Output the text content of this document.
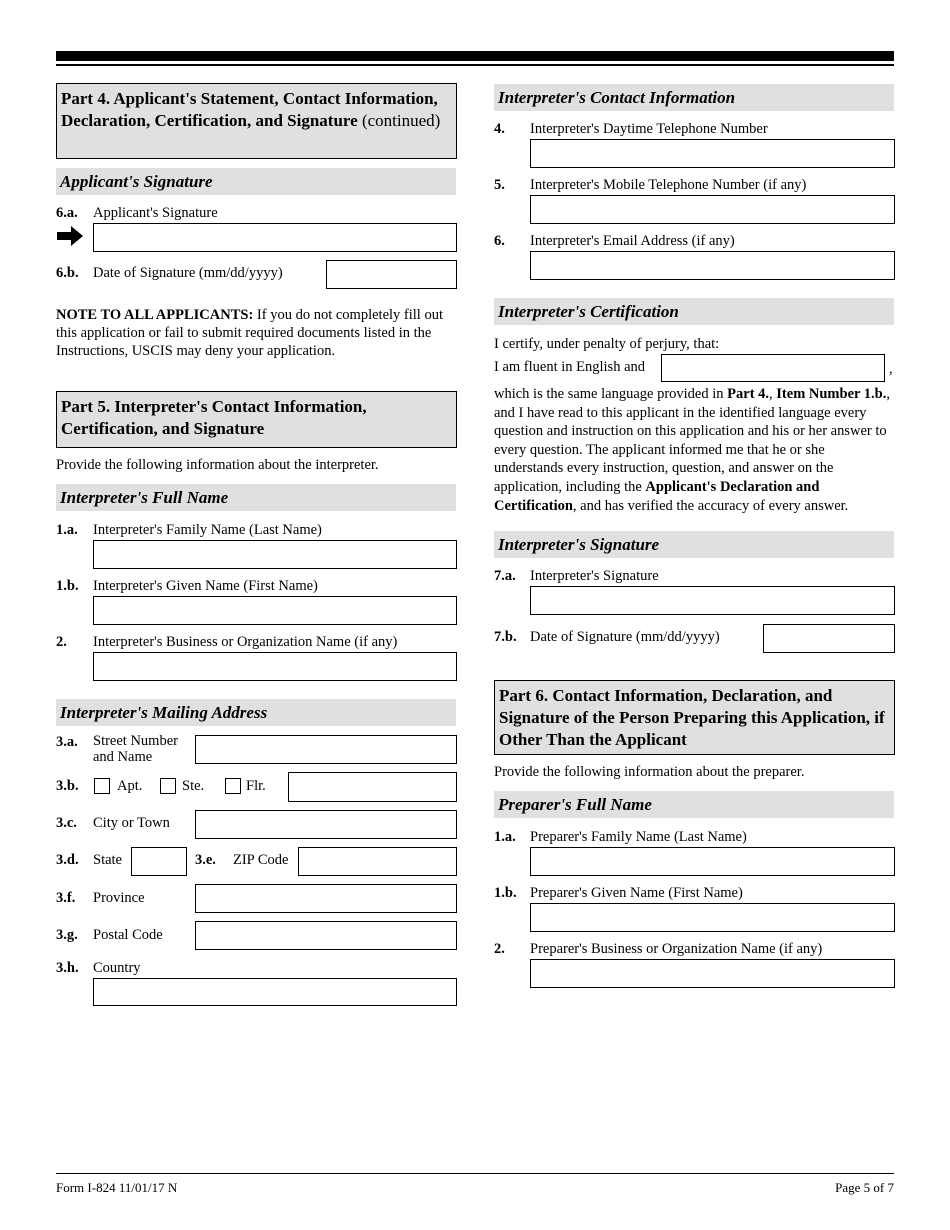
Part 4. Applicant's Statement, Contact Information, Declaration, Certification, and Signature (continued)
Applicant's Signature
6.a. Applicant's Signature
6.b. Date of Signature (mm/dd/yyyy)
NOTE TO ALL APPLICANTS: If you do not completely fill out this application or fail to submit required documents listed in the Instructions, USCIS may deny your application.
Part 5. Interpreter's Contact Information, Certification, and Signature
Provide the following information about the interpreter.
Interpreter's Full Name
1.a. Interpreter's Family Name (Last Name)
1.b. Interpreter's Given Name (First Name)
2. Interpreter's Business or Organization Name (if any)
Interpreter's Mailing Address
3.a. Street Number
and Name
3.b.	Apt.	Ste.	Flr.
3.c. City or Town
3.d. State	3.e. ZIP Code
3.f. Province
3.g. Postal Code
3.h. Country
Interpreter's Contact Information
4. Interpreter's Daytime Telephone Number
5. Interpreter's Mobile Telephone Number (if any)
6. Interpreter's Email Address (if any)
Interpreter's Certification
I certify, under penalty of perjury, that:
I am fluent in English and	,
which is the same language provided in Part 4., Item Number 1.b., and I have read to this applicant in the identified language every question and instruction on this application and his or her answer to every question. The applicant informed me that he or she understands every instruction, question, and answer on the application, including the Applicant's Declaration and Certification, and has verified the accuracy of every answer.
Interpreter's Signature
7.a. Interpreter's Signature
7.b. Date of Signature (mm/dd/yyyy)
Part 6. Contact Information, Declaration, and Signature of the Person Preparing this Application, if Other Than the Applicant
Provide the following information about the preparer.
Preparer's Full Name
1.a. Preparer's Family Name (Last Name)
1.b. Preparer's Given Name (First Name)
2. Preparer's Business or Organization Name (if any)
Form I-824 11/01/17 N	Page 5 of 7
